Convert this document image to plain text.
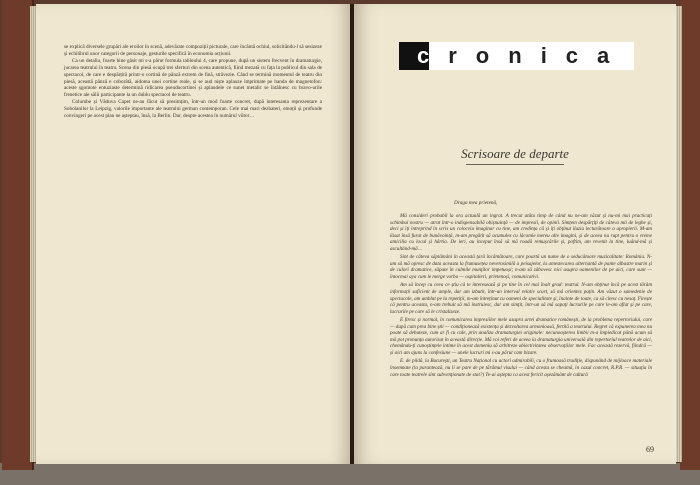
se explică diversele grupări ale eroilor în scenă, adevărate compoziții picturale, care încântă ochiul, solicitându-l să sesizeze și echilibrul unor categorii de personaje, gesturile specifică în economia acțiunii.

Ca un detaliu, foarte bine găsit mi s-a părut formula tabloului 4, care propune, după un sistem frecvent în dramaturgie, jucarea teatrului în teatru. Scena din piesă ocupă trei sferturi din scena autentică, fiind mezată cu fața la publicul din sala de spectacol, de care e despărțită printr-o cortină de pânză extrem de fină, străvezie. Când se termină momentul de teatru din piesă, această pânză e coborâtă, aidoma unei cortine reale, și se aud niște aplauze imprimate pe banda de magnetofon: aceste șgomote entuziaste determină ridicarea pseudocortinei și aplaudele ce sunet metalic se întâlnesc cu bravo-urile frenetice ale sălii participante la un dublu spectacol de teatru.

Columbe și Văduva Capet ne-au făcut să presimțim, într-un mod foarte concret, după interesanta reprezentare a Sobolanilor la Leipzig, valorile importante ale teatrului german contemporan. Cele mai mari dezbateri, emoții și profunde convingeri pe acest plan ne așteptau, însă, la Berlin. Dar, despre acestea în numărul viitor…

cronica
Scrisoare de departe
Draga mea prietenă,

Mă consideri probabil la ora actuală un ingrat. A trecut atâta timp de când nu ne-am văzut și nu-mi mai practicați schimbul nostru — atrat într-o indispensabilă obișnuință — de impresii, de opinii. Simțem despărțiți de câteva mii de leghe și, deci și îți întreprind în scris un colocviu imaginar cu tine, am credința că și îți obținut iluzia lecturătoare a apropierii. M-am lăsat însă furat de bunăvoință, m-am pregătit să acumulez cu lăcomie mereu alte imagini, și de aceea nu rupt pentru o vreme amicilia cu locul și hârtia. De ieri, au început însă să mă roadă remușcările și, poftim, am revenit la tine, luând-mă și ascultând-mă…

Sint de câteva săptămâni în această țară încântătoare, care poartă un nume de o seducătoare muzicalitate: România. N-am să mă opresc de data aceasta la frumusețea neverosimilă a peisajelor, la amestecarea alternantă de pante albastre marin și de culori dramatice, săpate în culmile munților impetuoși; n-am să zăbovesc nici asupra oamenilor de pe aici, care sunt — întocmai aya cum le merge vorba — ospitalieri, prietenoși, comunicativi.

Am să încep cu ceea ce știu că te interesează și pe tine în cel mai înalt grad: teatrul. N-am obținut încă pe acest tărâm informații suficient de ample, dar am izbutit, într-un interval relativ scurt, să mă orientez puțin. Am văzut o samedenie de spectacole, am umblat pe la repetiții, m-am întreținut cu oameni de specialitate și, înainte de toate, ca să citesc cu nesaț. Firește că pentru aceasta, n-am trebuit să mă instruiesc, dar am simțit, într-un să mă sapați lucrurile pe care le-am aflat și pe care, lucrurile pe care să le cristalizeze.

E firesc și normal, în comunicarea impresiilor mele asupra artei dramatice românești, de la problema repertoriului, care — după cum prea bine știi — condiționează existența și dezvoltarea armonioasă, fertilă a teatrului. Regret că expunerea mea nu poate să debuteze, cum ar fi cu cale, prin analiza dramaturgiei originale: necunoașterea limbii m-a împiedicat până acum să mă pot pronunța autorizat în această direcție. Mă voi referi de aceea la dramaturgia universală din repertoriul teatrelor de aici, chemându-ți cunoștințele intime în acest domeniu să arbitreze obiectivitatea observațiilor mele. Fac această rezervă, fiindcă — și aici am ajuns la confesiune — unele lucruri mi s-au părut cam bizare.

E. de pildă, la București, un Teatru Național cu actori admirabili, cu o frumoasă tradiție, dispunând de mijloace materiale însemnate (la parantează, nu li se pare de pe tărâmul visului — când acesta se cheamă, în cazul concret, R.P.R. — situația în care toate teatrele sînt subvenționate de stat?) Te-ai aștepta ca acest fericit așezământ de cultură

69
